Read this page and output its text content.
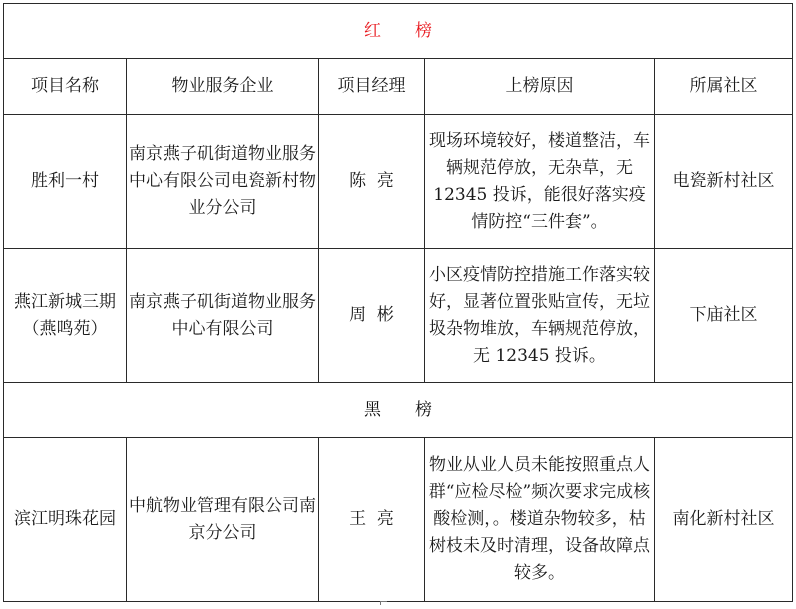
红 榜				
项目名称	物业服务企业	项目经理	上榜原因	所属社区
胜利一村	南京燕子矶街道物业服务中心有限公司电瓷新村物业分公司	陈  亮	现场环境较好，楼道整洁，车辆规范停放，无杂草，无 12345 投诉，能很好落实疫情防控“三件套”。	电瓷新村社区
燕江新城三期（燕鸣苑）	南京燕子矶街道物业服务中心有限公司	周  彬	小区疫情防控措施工作落实较好，显著位置张贴宣传，无垃圾杂物堆放，车辆规范停放，无 12345 投诉。	下庙社区
黑 榜				
滨江明珠花园	中航物业管理有限公司南京分公司	王  亮	物业从业人员未能按照重点人群“应检尽检”频次要求完成核酸检测，。楼道杂物较多，枯树枝未及时清理，设备故障点较多。	南化新村社区
